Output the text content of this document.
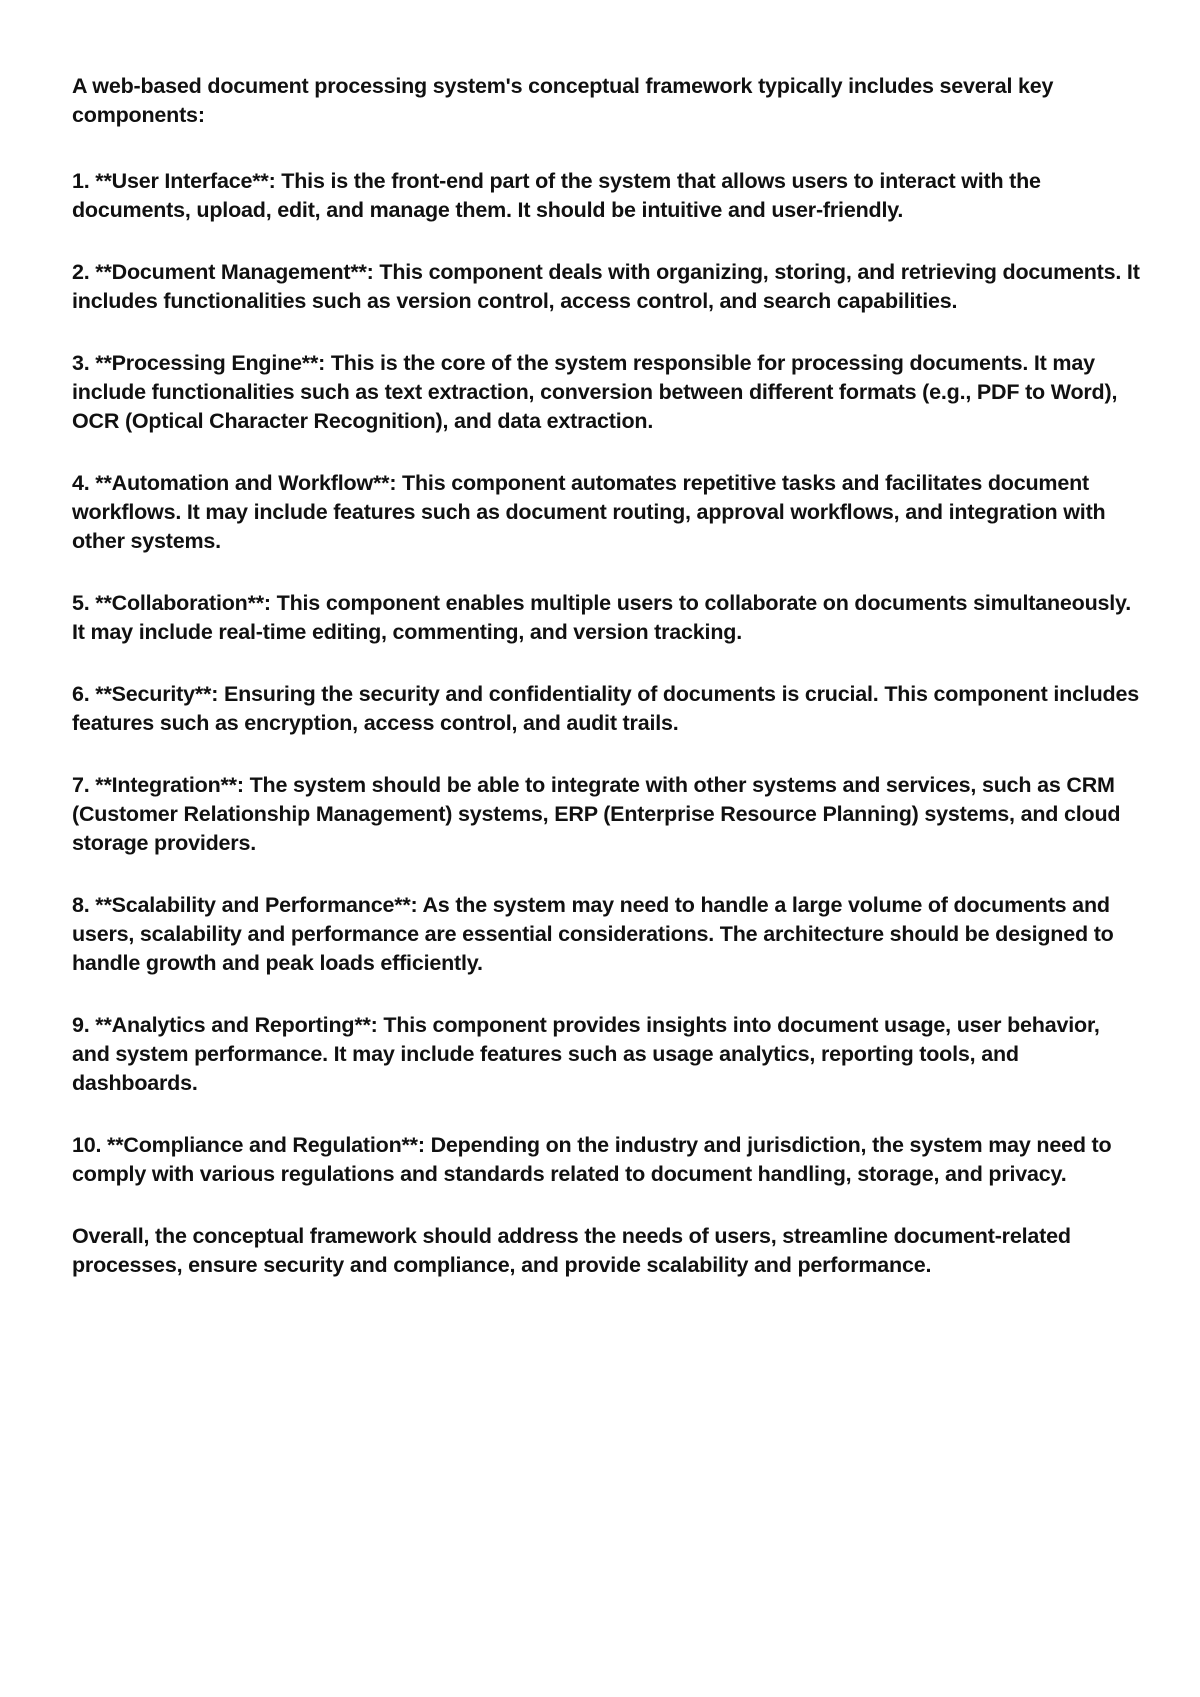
A web-based document processing system's conceptual framework typically includes several key components:

1. **User Interface**: This is the front-end part of the system that allows users to interact with the documents, upload, edit, and manage them. It should be intuitive and user-friendly.

2. **Document Management**: This component deals with organizing, storing, and retrieving documents. It includes functionalities such as version control, access control, and search capabilities.

3. **Processing Engine**: This is the core of the system responsible for processing documents. It may include functionalities such as text extraction, conversion between different formats (e.g., PDF to Word), OCR (Optical Character Recognition), and data extraction.

4. **Automation and Workflow**: This component automates repetitive tasks and facilitates document workflows. It may include features such as document routing, approval workflows, and integration with other systems.

5. **Collaboration**: This component enables multiple users to collaborate on documents simultaneously. It may include real-time editing, commenting, and version tracking.

6. **Security**: Ensuring the security and confidentiality of documents is crucial. This component includes features such as encryption, access control, and audit trails.

7. **Integration**: The system should be able to integrate with other systems and services, such as CRM (Customer Relationship Management) systems, ERP (Enterprise Resource Planning) systems, and cloud storage providers.

8. **Scalability and Performance**: As the system may need to handle a large volume of documents and users, scalability and performance are essential considerations. The architecture should be designed to handle growth and peak loads efficiently.

9. **Analytics and Reporting**: This component provides insights into document usage, user behavior, and system performance. It may include features such as usage analytics, reporting tools, and dashboards.

10. **Compliance and Regulation**: Depending on the industry and jurisdiction, the system may need to comply with various regulations and standards related to document handling, storage, and privacy.

Overall, the conceptual framework should address the needs of users, streamline document-related processes, ensure security and compliance, and provide scalability and performance.
